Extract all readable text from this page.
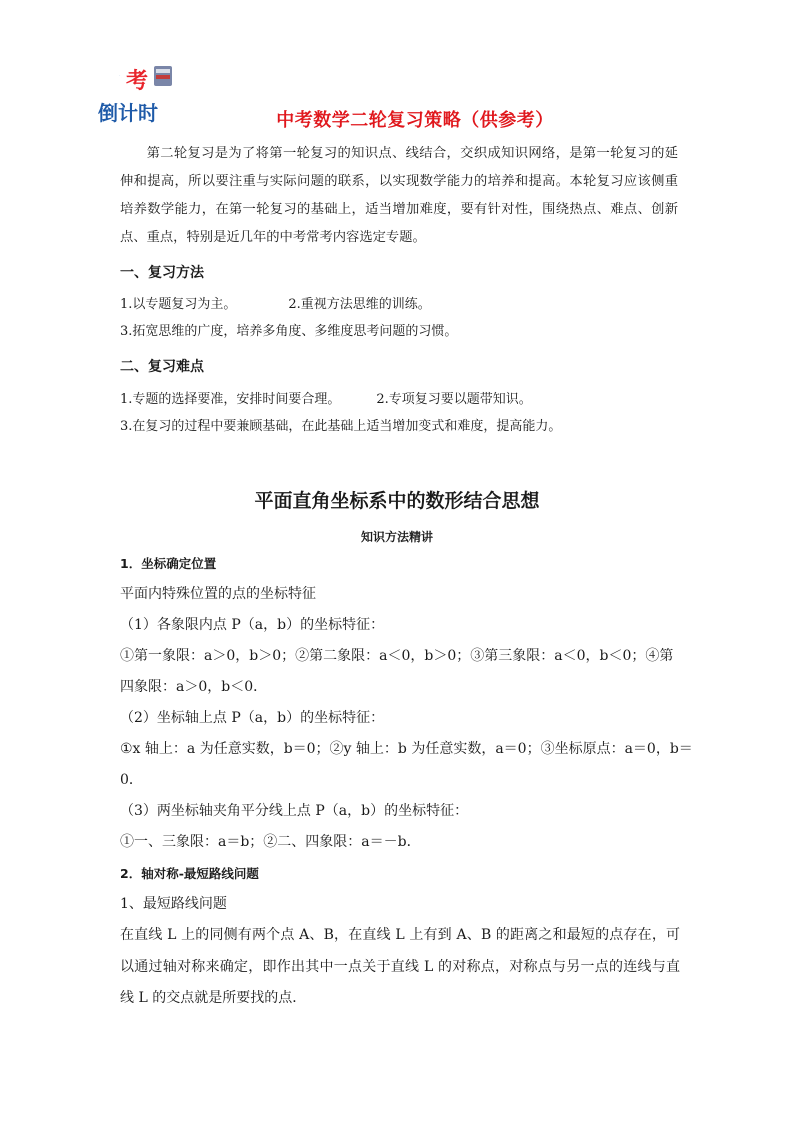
中 考
倒计时	中考数学二轮复习策略（供参考）

第二轮复习是为了将第一轮复习的知识点、线结合，交织成知识网络，是第一轮复习的延伸和提高，所以要注重与实际问题的联系，以实现数学能力的培养和提高。本轮复习应该侧重培养数学能力，在第一轮复习的基础上，适当增加难度，要有针对性，围绕热点、难点、创新点、重点，特别是近几年的中考常考内容选定专题。

一、复习方法
1.以专题复习为主。	2.重视方法思维的训练。
3.拓宽思维的广度，培养多角度、多维度思考问题的习惯。
二、复习难点
1.专题的选择要准，安排时间要合理。	2.专项复习要以题带知识。
3.在复习的过程中要兼顾基础，在此基础上适当增加变式和难度，提高能力。
平面直角坐标系中的数形结合思想
知识方法精讲
1．坐标确定位置
平面内特殊位置的点的坐标特征
（1）各象限内点 P（a，b）的坐标特征：
①第一象限：a＞0，b＞0；②第二象限：a＜0，b＞0；③第三象限：a＜0，b＜0；④第
四象限：a＞0，b＜0．
（2）坐标轴上点 P（a，b）的坐标特征：
①x 轴上：a 为任意实数，b＝0；②y 轴上：b 为任意实数，a＝0；③坐标原点：a＝0，b＝
0．
（3）两坐标轴夹角平分线上点 P（a，b）的坐标特征：
①一、三象限：a＝b；②二、四象限：a＝－b．
2．轴对称-最短路线问题
1、最短路线问题
在直线 L 上的同侧有两个点 A、B，在直线 L 上有到 A、B 的距离之和最短的点存在，可以通过轴对称来确定，即作出其中一点关于直线 L 的对称点，对称点与另一点的连线与直线 L 的交点就是所要找的点．
